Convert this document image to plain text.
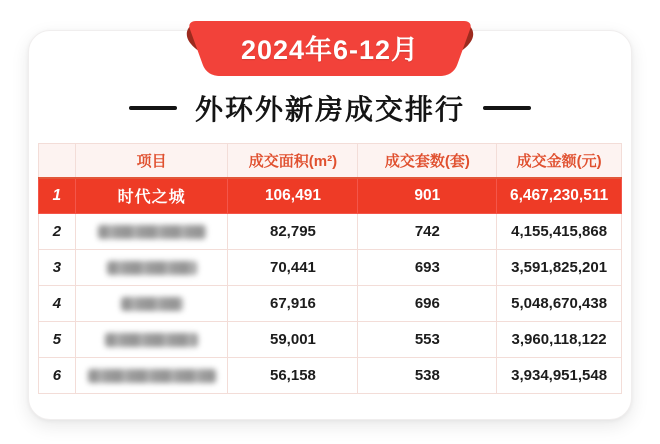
2024年6-12月
外环外新房成交排行
	项目	成交面积(m²)	成交套数(套)	成交金额(元)
1	时代之城	106,491	901	6,467,230,511
2		82,795	742	4,155,415,868
3		70,441	693	3,591,825,201
4		67,916	696	5,048,670,438
5		59,001	553	3,960,118,122
6		56,158	538	3,934,951,548
